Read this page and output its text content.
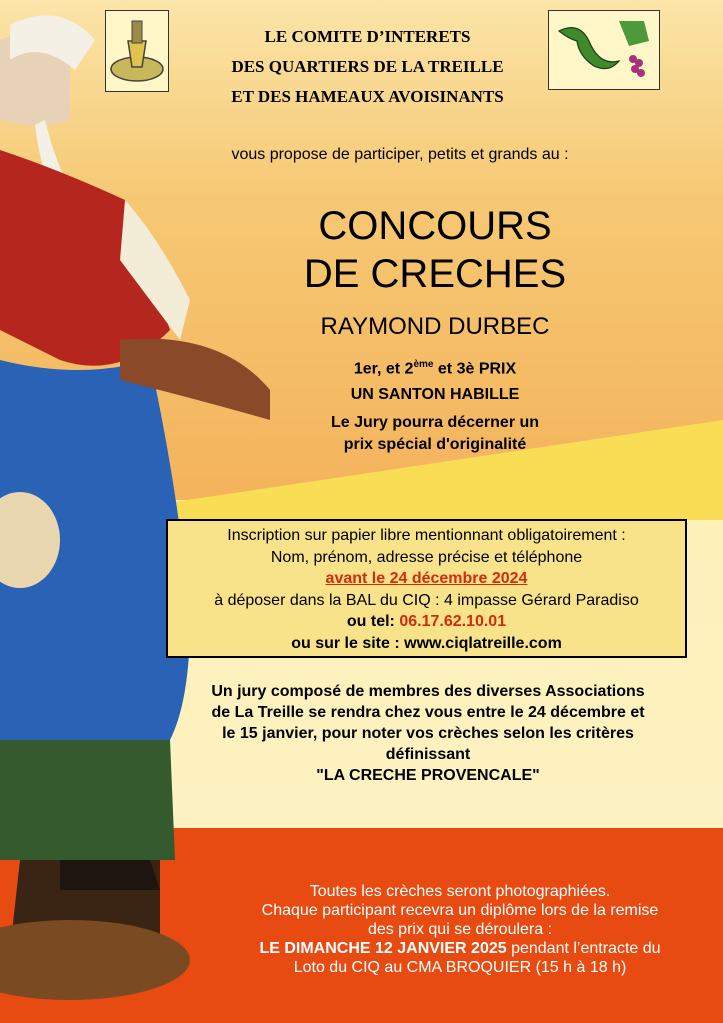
LE COMITE D’INTERETS
DES QUARTIERS DE LA TREILLE
ET DES HAMEAUX AVOISINANTS
vous propose de participer, petits et grands au :
CONCOURS
DE CRECHES
RAYMOND DURBEC
1er, et 2ème et 3è PRIX
UN SANTON HABILLE
Le Jury pourra décerner un
prix spécial d'originalité
Inscription sur papier libre mentionnant obligatoirement :
Nom, prénom, adresse précise et téléphone
avant le 24 décembre 2024
à déposer dans la BAL du CIQ : 4 impasse Gérard Paradiso
ou tel: 06.17.62.10.01
ou sur le site : www.ciqlatreille.com
Un jury composé de membres des diverses Associations
de La Treille se rendra chez vous entre le 24 décembre et
le 15 janvier, pour noter vos crèches selon les critères
définissant
"LA CRECHE PROVENCALE"
Toutes les crèches seront photographiées.
Chaque participant recevra un diplôme lors de la remise
des prix qui se déroulera :
LE DIMANCHE 12 JANVIER 2025 pendant l’entracte du
Loto du CIQ au CMA BROQUIER (15 h à 18 h)
